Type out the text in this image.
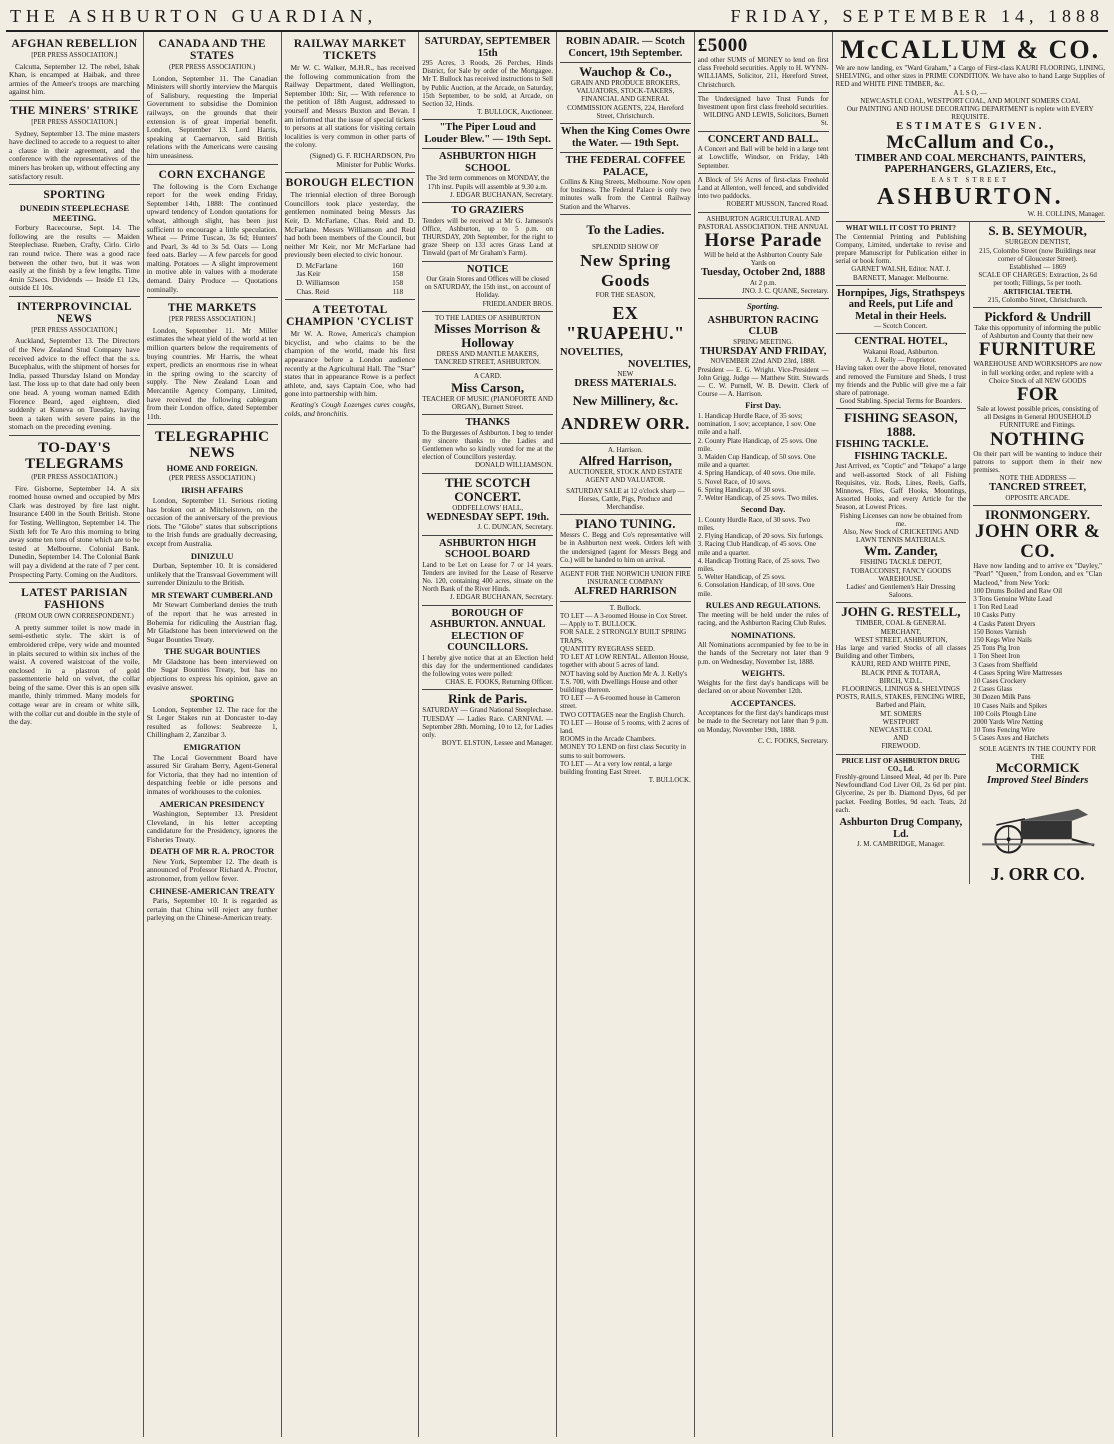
THE ASHBURTON GUARDIAN,	FRIDAY, SEPTEMBER 14, 1888
AFGHAN REBELLION
[PER PRESS ASSOCIATION.]

Calcutta, September 12. The rebel, Ishak Khan, is encamped at Haibak, and three armies of the Ameer's troops are marching against him.

THE MINERS' STRIKE
[PER PRESS ASSOCIATION.]

Sydney, September 13. The mine masters have declined to accede to a request to alter a clause in their agreement, and the conference with the representatives of the miners has broken up, without effecting any satisfactory result.

SPORTING
DUNEDIN STEEPLECHASE MEETING.

Forbury Racecourse, Sept. 14. The following are the results — Maiden Steeplechase. Rueben, Crafty, Cirlo. Cirlo ran round twice. There was a good race between the other two, but it was won easily at the finish by a few lengths. Time 4min 52secs. Dividends — Inside £1 12s, outside £1 10s.

INTERPROVINCIAL NEWS
[PER PRESS ASSOCIATION.]

Auckland, September 13. The Directors of the New Zealand Stud Company have received advice to the effect that the s.s. Bucephalus, with the shipment of horses for India, passed Thursday Island on Monday last. The loss up to that date had only been one head. A young woman named Edith Florence Beard, aged eighteen, died suddenly at Kuneva on Tuesday, having been a taken with severe pains in the stomach on the preceding evening.

TO-DAY'S TELEGRAMS
(PER PRESS ASSOCIATION.)

Fire. Gisborne, September 14. A six roomed house owned and occupied by Mrs Clark was destroyed by fire last night. Insurance £400 in the South British. Stone for Testing. Wellington, September 14. The Sixth left for Te Aro this morning to bring away some ten tons of stone which are to be tested at Melbourne. Colonial Bank. Dunedin, September 14. The Colonial Bank will pay a dividend at the rate of 7 per cent. Prospecting Party. Coming on the Auditors.

LATEST PARISIAN FASHIONS
(FROM OUR OWN CORRESPONDENT.)

A pretty summer toilet is now made in semi-esthetic style. The skirt is of embroidered crêpe, very wide and mounted in plaits secured to within six inches of the waist. A covered waistcoat of the voile, enclosed in a plastron of gold passementerie held on velvet, the collar being of the same. Over this is an open silk mantle, thinly trimmed. Many models for cottage wear are in cream or white silk, with the collar cut and double in the style of the day.

CANADA AND THE STATES
(PER PRESS ASSOCIATION.)

London, September 11. The Canadian Ministers will shortly interview the Marquis of Salisbury, requesting the Imperial Government to subsidise the Dominion railways, on the grounds that their extension is of great imperial benefit. London, September 13. Lord Harris, speaking at Caernarvon, said British relations with the Americans were causing him uneasiness.

CORN EXCHANGE

The following is the Corn Exchange report for the week ending Friday, September 14th, 1888: The continued upward tendency of London quotations for wheat, although slight, has been just sufficient to encourage a little speculation. Wheat — Prime Tuscan, 3s 6d; Hunters' and Pearl, 3s 4d to 3s 5d. Oats — Long feed oats. Barley — A few parcels for good malting. Potatoes — A slight improvement in motive able in values with a moderate demand. Dairy Produce — Quotations nominally.

THE MARKETS
[PER PRESS ASSOCIATION.]

London, September 11. Mr Miller estimates the wheat yield of the world at ten million quarters below the requirements of buying countries. Mr Harris, the wheat expert, predicts an enormous rise in wheat in the spring owing to the scarcity of supply. The New Zealand Loan and Mercantile Agency Company, Limited, have received the following cablegram from their London office, dated September 11th.

TELEGRAPHIC NEWS
HOME AND FOREIGN.
(PER PRESS ASSOCIATION.)
IRISH AFFAIRS

London, September 11. Serious rioting has broken out at Mitchelstown, on the occasion of the anniversary of the previous riots. The "Globe" states that subscriptions to the Irish funds are gradually decreasing, except from Australia.

DINIZULU

Durban, September 10. It is considered unlikely that the Transvaal Government will surrender Dinizulu to the British.

MR STEWART CUMBERLAND

Mr Stewart Cumberland denies the truth of the report that he was arrested in Bohemia for ridiculing the Austrian flag. Mr Gladstone has been interviewed on the Sugar Bounties Treaty.

THE SUGAR BOUNTIES

Mr Gladstone has been interviewed on the Sugar Bounties Treaty, but has no objections to express his opinion, gave an evasive answer.

SPORTING

London, September 12. The race for the St Leger Stakes run at Doncaster to-day resulted as follows: Seabreeze 1, Chillingham 2, Zanzibar 3.

EMIGRATION

The Local Government Board have assured Sir Graham Berry, Agent-General for Victoria, that they had no intention of despatching feeble or idle persons and inmates of workhouses to the colonies.

AMERICAN PRESIDENCY

Washington, September 13. President Cleveland, in his letter accepting candidature for the Presidency, ignores the Fisheries Treaty.

DEATH OF MR R. A. PROCTOR

New York, September 12. The death is announced of Professor Richard A. Proctor, astronomer, from yellow fever.

CHINESE-AMERICAN TREATY

Paris, September 10. It is regarded as certain that China will reject any further parleying on the Chinese-American treaty.

RAILWAY MARKET TICKETS

Mr W. C. Walker, M.H.R., has received the following communication from the Railway Department, dated Wellington, September 10th: Sir, — With reference to the petition of 18th August, addressed to yourself and Messrs Buxton and Bevan. I am informed that the issue of special tickets to persons at all stations for visiting certain localities is very common in other parts of the colony.

(Signed) G. F. RICHARDSON, Pro Minister for Public Works.

BOROUGH ELECTION

The triennial election of three Borough Councillors took place yesterday, the gentlemen nominated being Messrs Jas Keir, D. McFarlane, Chas. Reid and D. McFarlane. Messrs Williamson and Reid had both been members of the Council, but neither Mr Keir, nor Mr McFarlane had previously been elected to civic honour.

D. McFarlane	160
Jas Keir	158
D. Williamson	158
Chas. Reid	118
A TEETOTAL CHAMPION 'CYCLIST

Mr W. A. Rowe, America's champion bicyclist, and who claims to be the champion of the world, made his first appearance before a London audience recently at the Agricultural Hall. The "Star" states that in appearance Rowe is a perfect athlete, and, says Captain Coe, who had gone into partnership with him.

Keating's Cough Lozenges cures coughs, colds, and bronchitis.

SATURDAY, SEPTEMBER 15th
295 Acres, 3 Roods, 26 Perches, Hinds District, for Sale by order of the Mortgagee. Mr T. Bullock has received instructions to Sell by Public Auction, at the Arcade, on Saturday, 15th September, to be sold, at Arcade, on Section 32, Hinds.
T. BULLOCK, Auctioneer.
"The Piper Loud and Louder Blew." — 19th Sept.
ASHBURTON HIGH SCHOOL
The 3rd term commences on MONDAY, the 17th inst. Pupils will assemble at 9.30 a.m.
J. EDGAR BUCHANAN, Secretary.
TO GRAZIERS
Tenders will be received at Mr G. Jameson's Office, Ashburton, up to 5 p.m. on THURSDAY, 20th September, for the right to graze Sheep on 133 acres Grass Land at Tinwald (part of Mr Graham's Farm).
NOTICE
Our Grain Stores and Offices will be closed on SATURDAY, the 15th inst., on account of Holiday.
FRIEDLANDER BROS.
TO THE LADIES OF ASHBURTON
Misses Morrison & Holloway
DRESS AND MANTLE MAKERS, TANCRED STREET, ASHBURTON.
A CARD.
Miss Carson,
TEACHER OF MUSIC (PIANOFORTE AND ORGAN), Burnett Street.
THANKS
To the Burgesses of Ashburton. I beg to tender my sincere thanks to the Ladies and Gentlemen who so kindly voted for me at the election of Councillors yesterday.
DONALD WILLIAMSON.
THE SCOTCH CONCERT.
ODDFELLOWS' HALL,
WEDNESDAY SEPT. 19th.
J. C. DUNCAN, Secretary.
ASHBURTON HIGH SCHOOL BOARD
Land to be Let on Lease for 7 or 14 years. Tenders are invited for the Lease of Reserve No. 120, containing 400 acres, situate on the North Bank of the River Hinds.
J. EDGAR BUCHANAN, Secretary.
BOROUGH OF ASHBURTON. ANNUAL ELECTION OF COUNCILLORS.
I hereby give notice that at an Election held this day for the undermentioned candidates the following votes were polled:
CHAS. E. FOOKS, Returning Officer.
Rink de Paris.
SATURDAY — Grand National Steeplechase. TUESDAY — Ladies Race. CARNIVAL — September 28th. Morning, 10 to 12, for Ladies only.
BOYT. ELSTON, Lessee and Manager.
ROBIN ADAIR. — Scotch Concert, 19th September.
Wauchop & Co.,
GRAIN AND PRODUCE BROKERS, VALUATORS, STOCK-TAKERS, FINANCIAL AND GENERAL COMMISSION AGENTS, 224, Hereford Street, Christchurch.
When the King Comes Owre the Water. — 19th Sept.
THE FEDERAL COFFEE PALACE,
Collins & King Streets, Melbourne. Now open for business. The Federal Palace is only two minutes walk from the Central Railway Station and the Wharves.
To the Ladies.
SPLENDID SHOW OF
New Spring Goods
FOR THE SEASON,
EX "RUAPEHU."
NOVELTIES,
NOVELTIES,
NEW
DRESS MATERIALS.
New Millinery, &c.
ANDREW ORR.
A. Harrison.
Alfred Harrison,
AUCTIONEER, STOCK AND ESTATE AGENT AND VALUATOR.
SATURDAY SALE at 12 o'clock sharp — Horses, Cattle, Pigs, Produce and Merchandise.
PIANO TUNING.
Messrs C. Begg and Co's representative will be in Ashburton next week. Orders left with the undersigned (agent for Messrs Begg and Co.) will be handed to him on arrival.
AGENT FOR THE NORWICH UNION FIRE INSURANCE COMPANY
ALFRED HARRISON
T. Bullock.
TO LET — A 3-roomed House in Cox Street. — Apply to T. BULLOCK.
FOR SALE. 2 STRONGLY BUILT SPRING TRAPS.
QUANTITY RYEGRASS SEED.
TO LET AT LOW RENTAL. Allenton House, together with about 5 acres of land.
NOT having sold by Auction Mr A. J. Kelly's T.S. 700, with Dwellings House and other buildings thereon.
TO LET — A 6-roomed house in Cameron street.
TWO COTTAGES near the English Church.
TO LET — House of 5 rooms, with 2 acres of land.
ROOMS in the Arcade Chambers.
MONEY TO LEND on first class Security in sums to suit borrowers.
TO LET — At a very low rental, a large building fronting East Street.
T. BULLOCK.
£5000
and other SUMS of MONEY to lend on first class Freehold securities. Apply to H. WYNN-WILLIAMS, Solicitor, 211, Hereford Street, Christchurch.
The Undersigned have Trust Funds for Investment upon first class freehold securities.
WILDING AND LEWIS, Solicitors, Burnett St.
CONCERT AND BALL.
A Concert and Ball will be held in a large tent at Lowcliffe, Windsor, on Friday, 14th September.
A Block of 5½ Acres of first-class Freehold Land at Allenton, well fenced, and subdivided into two paddocks.
ROBERT MUSSON, Tancred Road.
ASHBURTON AGRICULTURAL AND PASTORAL ASSOCIATION. THE ANNUAL
Horse Parade
Will be held at the Ashburton County Sale Yards on
Tuesday, October 2nd, 1888
At 2 p.m.
JNO. J. C. QUANE, Secretary.
Sporting.
ASHBURTON RACING CLUB
SPRING MEETING.
THURSDAY AND FRIDAY,
NOVEMBER 22nd AND 23rd, 1888.
President — E. G. Wright. Vice-President — John Grigg. Judge — Matthew Stitt. Stewards — C. W. Purnell, W. B. Dewitt. Clerk of Course — A. Harrison.
First Day.
1. Handicap Hurdle Race, of 35 sovs; nomination, 1 sov; acceptance, 1 sov. One mile and a half.
2. County Plate Handicap, of 25 sovs. One mile.
3. Maiden Cup Handicap, of 50 sovs. One mile and a quarter.
4. Spring Handicap, of 40 sovs. One mile.
5. Novel Race, of 10 sovs.
6. Spring Handicap, of 30 sovs.
7. Welter Handicap, of 25 sovs. Two miles.
Second Day.
1. County Hurdle Race, of 30 sovs. Two miles.
2. Flying Handicap, of 20 sovs. Six furlongs.
3. Racing Club Handicap, of 45 sovs. One mile and a quarter.
4. Handicap Trotting Race, of 25 sovs. Two miles.
5. Welter Handicap, of 25 sovs.
6. Consolation Handicap, of 10 sovs. One mile.
RULES AND REGULATIONS.
The meeting will be held under the rules of racing, and the Ashburton Racing Club Rules.
NOMINATIONS.
All Nominations accompanied by fee to be in the hands of the Secretary not later than 9 p.m. on Wednesday, November 1st, 1888.
WEIGHTS.
Weights for the first day's handicaps will be declared on or about November 12th.
ACCEPTANCES.
Acceptances for the first day's handicaps must be made to the Secretary not later than 9 p.m. on Monday, November 19th, 1888.
C. C. FOOKS, Secretary.
McCALLUM & CO.
We are now landing, ex "Ward Graham," a Cargo of First-class KAURI FLOORING, LINING, SHELVING, and other sizes in PRIME CONDITION. We have also to hand Large Supplies of RED and WHITE PINE TIMBER, &c.
A L S O, —
NEWCASTLE COAL, WESTPORT COAL, AND MOUNT SOMERS COAL
Our PAINTING AND HOUSE DECORATING DEPARTMENT is replete with EVERY REQUISITE.
ESTIMATES GIVEN.
McCallum and Co.,
TIMBER AND COAL MERCHANTS, PAINTERS, PAPERHANGERS, GLAZIERS, Etc.,
EAST STREET
ASHBURTON.
W. H. COLLINS, Manager.
WHAT WILL IT COST TO PRINT?
The Centennial Printing and Publishing Company, Limited, undertake to revise and prepare Manuscript for Publication either in serial or book form.
GARNET WALSH, Editor. NAT. J. BARNETT, Manager. Melbourne.
Hornpipes, Jigs, Strathspeys and Reels, put Life and Metal in their Heels.
— Scotch Concert.
CENTRAL HOTEL,
Wakanui Road, Ashburton.
A. J. Kelly — Proprietor.
Having taken over the above Hotel, renovated and removed the Furniture and Sheds, I trust my friends and the Public will give me a fair share of patronage.
Good Stabling. Special Terms for Boarders.
FISHING SEASON, 1888.
FISHING TACKLE.
FISHING TACKLE.
Just Arrived, ex "Coptic" and "Tekapo" a large and well-assorted Stock of all Fishing Requisites, viz. Rods, Lines, Reels, Gaffs, Minnows, Flies, Gaff Hooks, Mountings, Assorted Hooks, and every Article for the Season, at Lowest Prices.
Fishing Licenses can now be obtained from me.
Also, New Stock of CRICKETING AND LAWN TENNIS MATERIALS.
Wm. Zander,
FISHING TACKLE DEPOT, TOBACCONIST, FANCY GOODS WAREHOUSE.
Ladies' and Gentlemen's Hair Dressing Saloons.
JOHN G. RESTELL,
TIMBER, COAL & GENERAL MERCHANT,
WEST STREET, ASHBURTON,
Has large and varied Stocks of all classes Building and other Timbers,
KAURI, RED AND WHITE PINE,
BLACK PINE & TOTARA,
BIRCH, V.D.L.
FLOORINGS, LININGS & SHELVINGS
POSTS, RAILS, STAKES, FENCING WIRE, Barbed and Plain,
MT. SOMERS
WESTPORT
NEWCASTLE COAL
AND
FIREWOOD.
PRICE LIST OF ASHBURTON DRUG CO., Ld.
Freshly-ground Linseed Meal, 4d per lb. Pure Newfoundland Cod Liver Oil, 2s 6d per pint. Glycerine, 2s per lb. Diamond Dyes, 6d per packet. Feeding Bottles, 9d each. Teats, 2d each.
Ashburton Drug Company, Ld.
J. M. CAMBRIDGE, Manager.
S. B. SEYMOUR,
SURGEON DENTIST,
215, Colombo Street (now Buildings near corner of Gloucester Street).
Established — 1869
SCALE OF CHARGES: Extraction, 2s 6d per tooth; Fillings, 5s per tooth.
ARTIFICIAL TEETH.
215, Colombo Street, Christchurch.
Pickford & Undrill
Take this opportunity of informing the public of Ashburton and County that their new
FURNITURE
WAREHOUSE AND WORKSHOPS are now in full working order, and replete with a Choice Stock of all NEW GOODS
FOR
Sale at lowest possible prices, consisting of all Designs in General HOUSEHOLD FURNITURE and Fittings.
NOTHING
On their part will be wanting to induce their patrons to support them in their new premises.
NOTE THE ADDRESS —
TANCRED STREET,
OPPOSITE ARCADE.
IRONMONGERY.
JOHN ORR & CO.
Have now landing and to arrive ex "Dayley," "Pearl" "Queen," from London, and ex "Clan Macleod," from New York:
100 Drums Boiled and Raw Oil
3 Tons Genuine White Lead
1 Ton Red Lead
10 Casks Putty
4 Casks Patent Dryers
150 Boxes Varnish
150 Kegs Wire Nails
25 Tons Pig Iron
1 Ton Sheet Iron
3 Cases from Sheffield
4 Cases Spring Wire Mattresses
10 Cases Crockery
2 Cases Glass
30 Dozen Milk Pans
10 Cases Nails and Spikes
100 Coils Plough Line
2000 Yards Wire Netting
10 Tons Fencing Wire
5 Cases Axes and Hatchets
SOLE AGENTS IN THE COUNTY FOR THE
McCORMICK
Improved Steel Binders
J. ORR CO.
